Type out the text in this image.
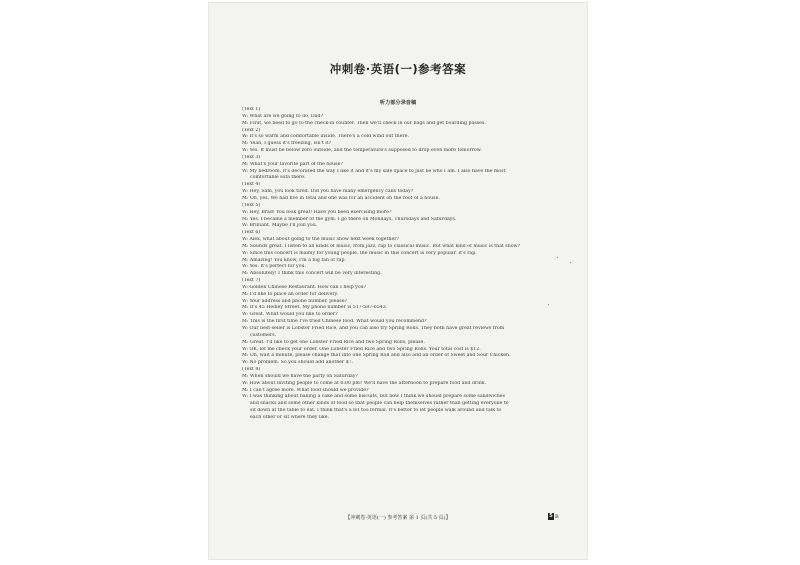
冲刺卷·英语(一)参考答案
听力部分录音稿
(Text 1)
W: What are we going to do, Dad?
M: First, we need to go to the check-in counter. Then we'll check in our bags and get boarding passes.
(Text 2)
W: It's so warm and comfortable inside. There's a cold wind out there.
M: Yeah, I guess it's freezing, isn't it?
W: Yes. It must be below zero outside, and the temperature's supposed to drop even more tomorrow.
(Text 3)
M: What's your favorite part of the house?
W: My bedroom. It's decorated the way I like it and it's my safe space to just be who I am. I also have the most
comfortable sofa there.
(Text 4)
W: Hey, Sam, you look tired. Did you have many emergency calls today?
M: Oh, yes. We had five in total and one was for an accident on the roof of a house.
(Text 5)
W: Hey, Brad! You look great! Have you been exercising more?
M: Yes. I became a member of the gym. I go there on Mondays, Thursdays and Saturdays.
W: Brilliant. Maybe I'll join you.
(Text 6)
W: Alex, what about going to the music show next week together?
M: Sounds great. I listen to all kinds of music, from jazz, rap to classical music. But what kind of music is that show?
W: Since this concert is mainly for young people, the music in this concert is very popular. It's rap.
M: Amazing! You know, I'm a big fan of rap.
W: Yes. It's perfect for you.
M: Absolutely! I think this concert will be very interesting.
(Text 7)
W: Golden Chinese Restaurant. How can I help you?
M: I'd like to place an order for delivery.
W: Your address and phone number, please?
M: It's 45 Hedley Street. My phone number is 517-587-6543.
W: Great. What would you like to order?
M: This is the first time I've tried Chinese food. What would you recommend?
W: Our best-seller is Lobster Fried Rice, and you can also try Spring Rolls. They both have great reviews from
customers.
M: Great. I'd like to get one Lobster Fried Rice and two Spring Rolls, please.
W: OK, let me check your order. One Lobster Fried Rice and two Spring Rolls. Your total cost is $12.
M: Oh, wait a minute, please change that into one Spring Roll and also add an order of Sweet and Sour Chicken.
W: No problem. So you should add another $7.
(Text 8)
M: When should we have the party on Saturday?
W: How about inviting people to come at 6:00 pm? We'll have the afternoon to prepare food and drink.
M: I can't agree more. What food should we provide?
W: I was thinking about baking a cake and some biscuits, but now I think we should prepare some sandwiches
and snacks and some other kinds of food so that people can help themselves rather than getting everyone to
sit down at the table to eat. I think that's a bit too formal. It's better to let people walk around and talk to
each other or sit where they like.
【冲刺卷·英语(一) 参考答案 第 1 页(共 5 页)】	5 B
